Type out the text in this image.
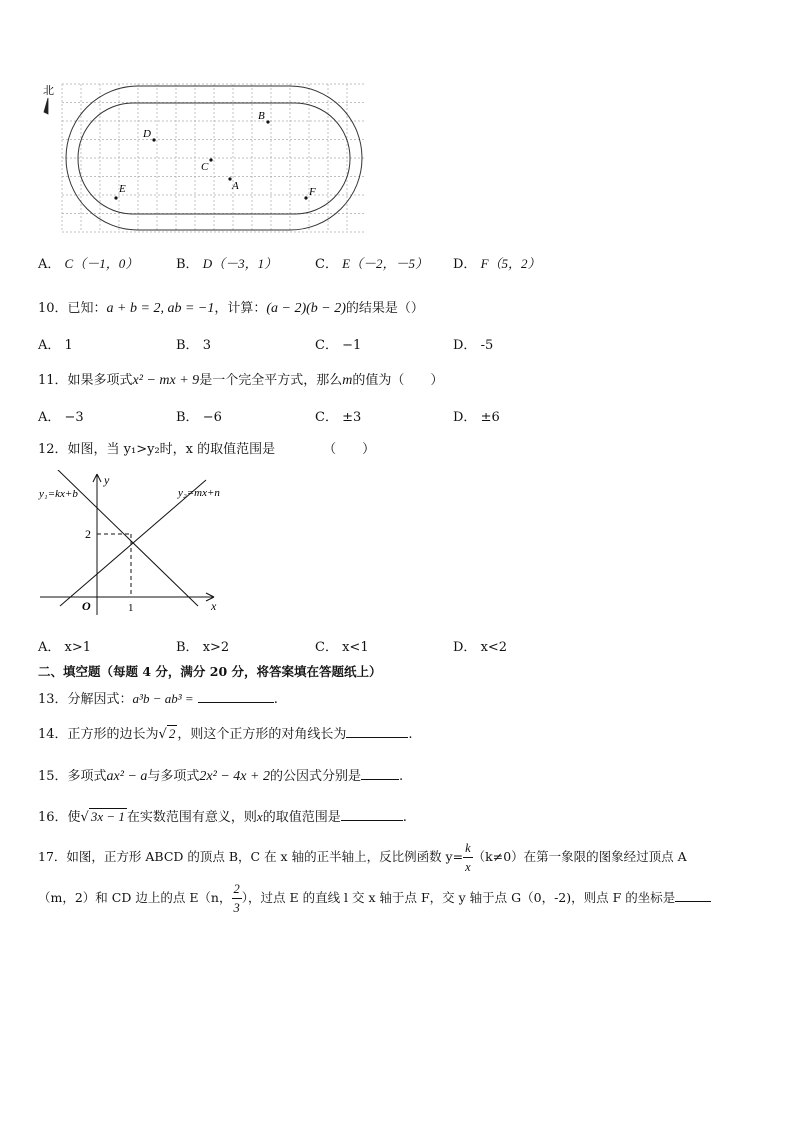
北
B
D
C
A
E	F
A． C（－1，0）	B． D（－3，1）	C． E（－2，－5） D． F（5，2）
10．已知：a + b = 2, ab = −1，计算：(a − 2)(b − 2)的结果是（）
A． 1	B． 3	C． −1	D． -5
11．如果多项式x² − mx + 9是一个完全平方式，那么m的值为（　　）
A． −3	B． −6	C． ±3	D． ±6
12．如图，当 y₁>y₂时，x 的取值范围是	（　　）
y₁=kx+b	y₂=mx+n
y
x
O
2
1
A． x>1	B． x>2	C． x<1	D． x<2
二、填空题（每题 4 分，满分 20 分，将答案填在答题纸上）
13．分解因式：a³b − ab³ =	.
14．正方形的边长为√ 2 ，则这个正方形的对角线长为	.
15．多项式ax² − a与多项式2x² − 4x + 2的公因式分别是	.
16．使√ 3x − 1 在实数范围有意义，则x的取值范围是	.
17．如图，正方形 ABCD 的顶点 B，C 在 x 轴的正半轴上，反比例函数 $y= \frac{k}{x} (k\ne 0)$在第一象限的图象经过顶点 A
（m，2）和 CD 边上的点 E（n， $\frac{2}{3}$ ），过点 E 的直线 l 交 x 轴于点 F，交 y 轴于点 G（0，-2)，则点 F 的坐标是
